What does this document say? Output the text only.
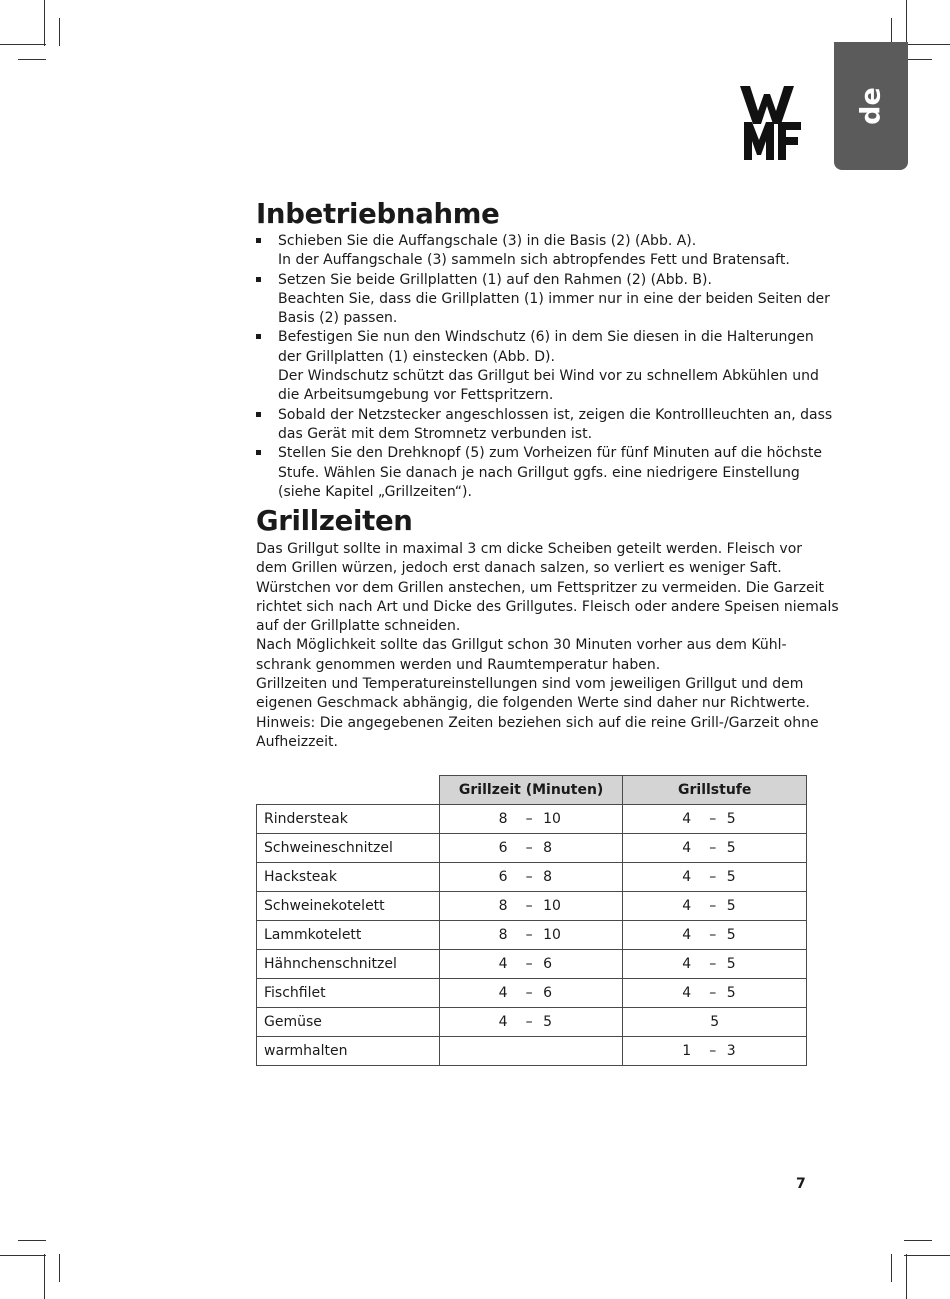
de
Inbetriebnahme
Schieben Sie die Auffangschale (3) in die Basis (2) (Abb. A).
In der Auffangschale (3) sammeln sich abtropfendes Fett und Bratensaft.
Setzen Sie beide Grillplatten (1) auf den Rahmen (2) (Abb. B).
Beachten Sie, dass die Grillplatten (1) immer nur in eine der beiden Seiten der
Basis (2) passen.
Befestigen Sie nun den Windschutz (6) in dem Sie diesen in die Halterungen
der Grillplatten (1) einstecken (Abb. D).
Der Windschutz schützt das Grillgut bei Wind vor zu schnellem Abkühlen und
die Arbeitsumgebung vor Fettspritzern.
Sobald der Netzstecker angeschlossen ist, zeigen die Kontrollleuchten an, dass
das Gerät mit dem Stromnetz verbunden ist.
Stellen Sie den Drehknopf (5) zum Vorheizen für fünf Minuten auf die höchste
Stufe. Wählen Sie danach je nach Grillgut ggfs. eine niedrigere Einstellung
(siehe Kapitel „Grillzeiten“).
Grillzeiten
Das Grillgut sollte in maximal 3 cm dicke Scheiben geteilt werden. Fleisch vor
dem Grillen würzen, jedoch erst danach salzen, so verliert es weniger Saft.
Würstchen vor dem Grillen anstechen, um Fettspritzer zu vermeiden. Die Garzeit
richtet sich nach Art und Dicke des Grillgutes. Fleisch oder andere Speisen niemals
auf der Grillplatte schneiden.
Nach Möglichkeit sollte das Grillgut schon 30 Minuten vorher aus dem Kühl-
schrank genommen werden und Raumtemperatur haben.
Grillzeiten und Temperatureinstellungen sind vom jeweiligen Grillgut und dem
eigenen Geschmack abhängig, die folgenden Werte sind daher nur Richtwerte.
Hinweis: Die angegebenen Zeiten beziehen sich auf die reine Grill-/Garzeit ohne
Aufheizzeit.
	Grillzeit (Minuten)	Grillstufe
Rindersteak	8 – 10	4 – 5
Schweineschnitzel	6 – 8	4 – 5
Hacksteak	6 – 8	4 – 5
Schweinekotelett	8 – 10	4 – 5
Lammkotelett	8 – 10	4 – 5
Hähnchenschnitzel	4 – 6	4 – 5
Fischfilet	4 – 6	4 – 5
Gemüse	4 – 5	5
warmhalten		1 – 3
7
